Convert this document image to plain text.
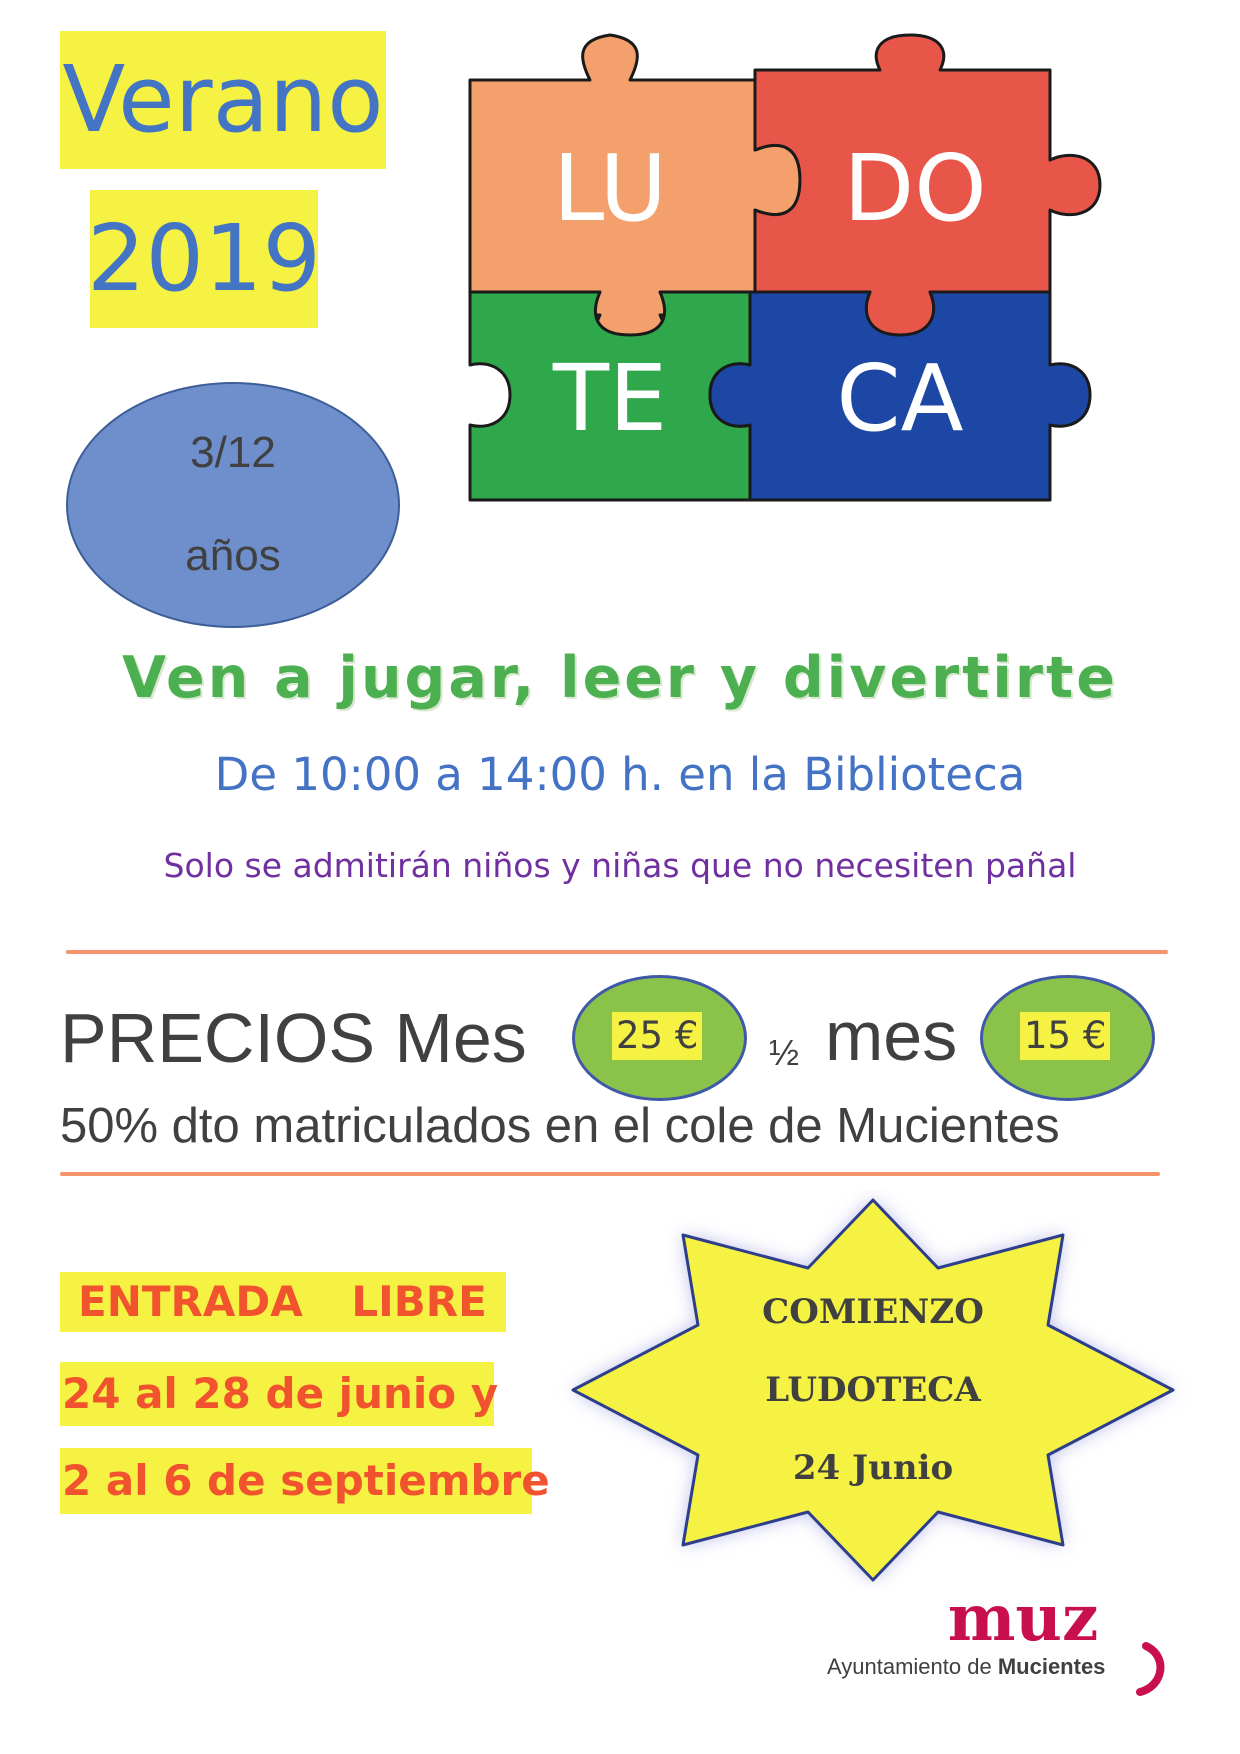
Verano
2019
3/12
años
LU DO
TE CA
Ven a jugar, leer y divertirte
De 10:00 a 14:00 h. en la Biblioteca
Solo se admitirán niños y niñas que no necesiten pañal
PRECIOS Mes 25 € ½ mes 15 €
50% dto matriculados en el cole de Mucientes
ENTRADA LIBRE
24 al 28 de junio y
2 al 6 de septiembre
COMIENZO
LUDOTECA
24 Junio
muz
Ayuntamiento de Mucientes
